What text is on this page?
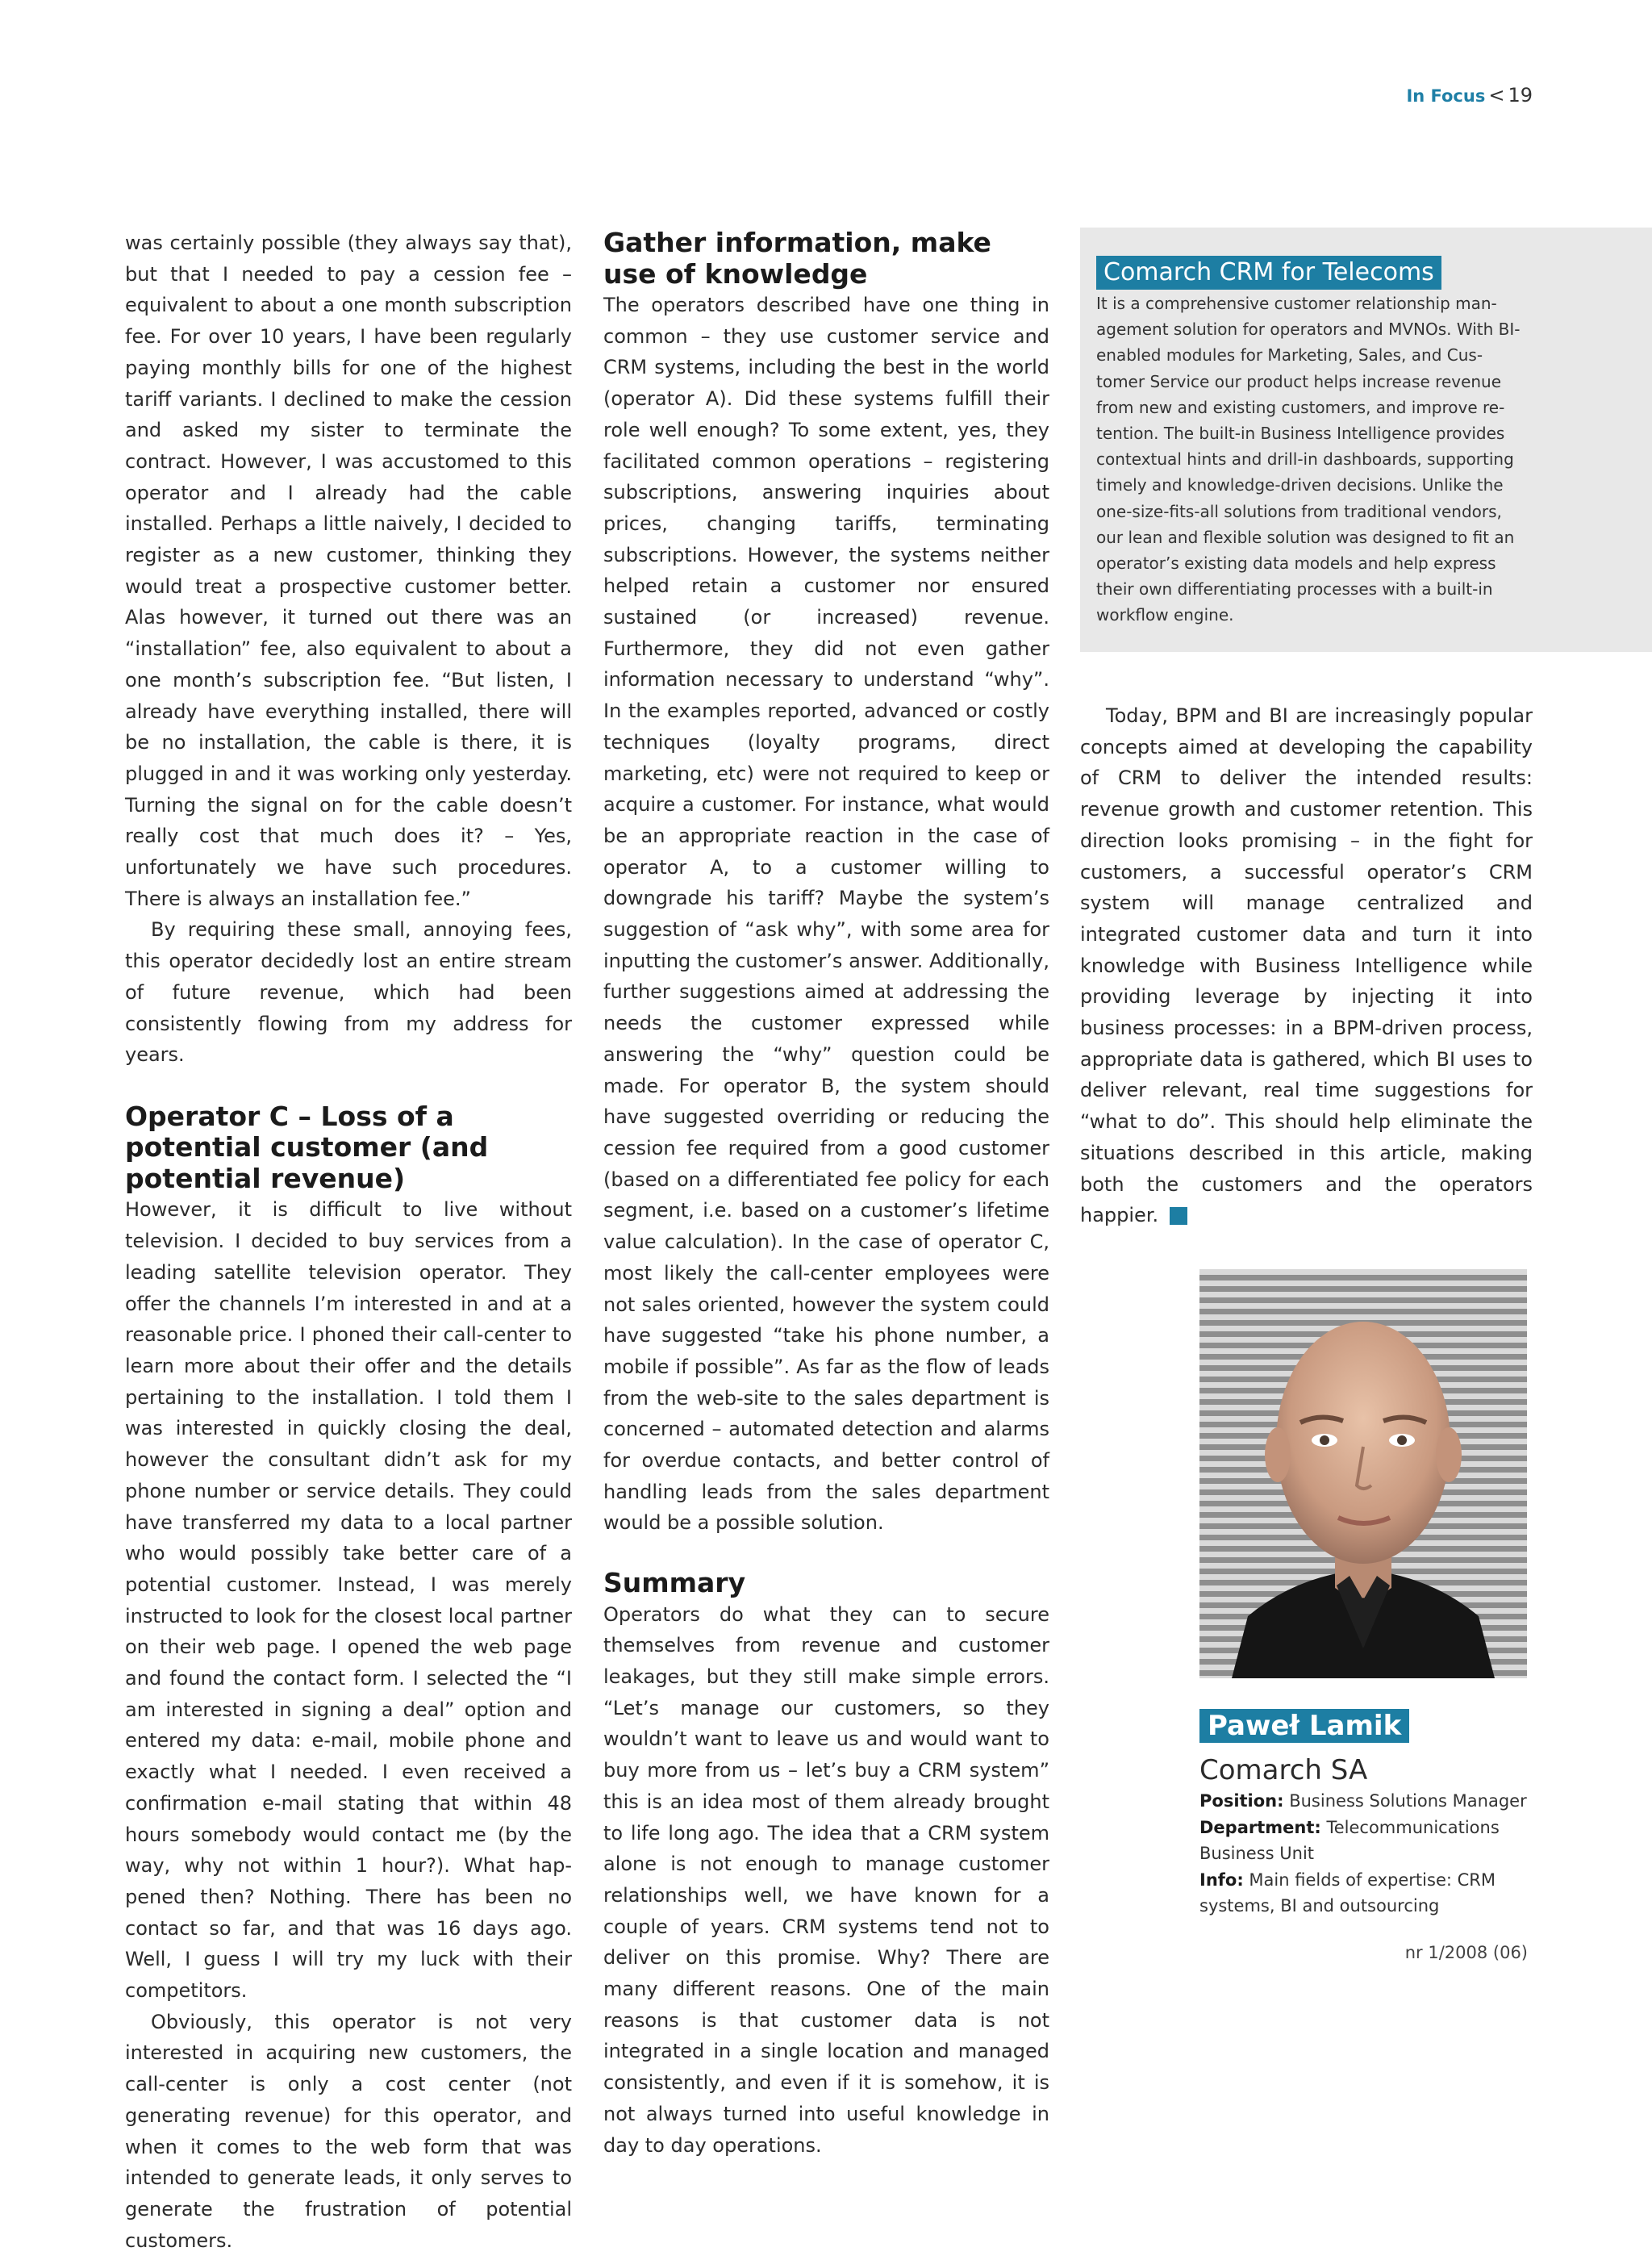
In Focus < 19

was certainly possible (they always say that), but that I needed to pay a cession fee – equivalent to about a one month subscription fee. For over 10 years, I have been regularly paying monthly bills for one of the highest tariff variants. I declined to make the cession and asked my sister to terminate the contract. However, I was accustomed to this operator and I already had the cable installed. Perhaps a little naively, I decided to register as a new customer, thinking they would treat a prospective customer better. Alas however, it turned out there was an “installation” fee, also equivalent to about a one month’s subscription fee. “But listen, I already have everything installed, there will be no installation, the cable is there, it is plugged in and it was working only yesterday. Turning the signal on for the cable doesn’t really cost that much does it? – Yes, unfortunately we have such procedures. There is always an installation fee.”

By requiring these small, annoying fees, this operator decidedly lost an entire stream of future revenue, which had been consistently flowing from my address for years.

Operator C – Loss of a potential customer (and potential revenue)

However, it is difficult to live without television. I decided to buy services from a leading satellite television operator. They offer the channels I’m interested in and at a reasonable price. I phoned their call-center to learn more about their offer and the details pertaining to the installation. I told them I was interested in quickly closing the deal, however the consultant didn’t ask for my phone number or service details. They could have transferred my data to a local partner who would possibly take better care of a potential customer. Instead, I was merely instructed to look for the closest local partner on their web page. I opened the web page and found the contact form. I selected the “I am interested in signing a deal” option and entered my data: e-mail, mobile phone and exactly what I needed. I even received a confirmation e-mail stating that within 48 hours somebody would contact me (by the way, why not within 1 hour?). What happened then? Nothing. There has been no contact so far, and that was 16 days ago. Well, I guess I will try my luck with their competitors.

Obviously, this operator is not very interested in acquiring new customers, the call-center is only a cost center (not generating revenue) for this operator, and when it comes to the web form that was intended to generate leads, it only serves to generate the frustration of potential customers.

Gather information, make use of knowledge

The operators described have one thing in common – they use customer service and CRM systems, including the best in the world (operator A). Did these systems fulfill their role well enough? To some extent, yes, they facilitated common operations – registering subscriptions, answering inquiries about prices, changing tariffs, terminating subscriptions. However, the systems neither helped retain a customer nor ensured sustained (or increased) revenue. Furthermore, they did not even gather information necessary to understand “why”. In the examples reported, advanced or costly techniques (loyalty programs, direct marketing, etc) were not required to keep or acquire a customer. For instance, what would be an appropriate reaction in the case of operator A, to a customer willing to downgrade his tariff? Maybe the system’s suggestion of “ask why”, with some area for inputting the customer’s answer. Additionally, further suggestions aimed at addressing the needs the customer expressed while answering the “why” question could be made. For operator B, the system should have suggested overriding or reducing the cession fee required from a good customer (based on a differentiated fee policy for each segment, i.e. based on a customer’s lifetime value calculation). In the case of operator C, most likely the call-center employees were not sales oriented, however the system could have suggested “take his phone number, a mobile if possible”. As far as the flow of leads from the web-site to the sales department is concerned – automated detection and alarms for overdue contacts, and better control of handling leads from the sales department would be a possible solution.

Summary

Operators do what they can to secure themselves from revenue and customer leakages, but they still make simple errors. “Let’s manage our customers, so they wouldn’t want to leave us and would want to buy more from us – let’s buy a CRM system” this is an idea most of them already brought to life long ago. The idea that a CRM system alone is not enough to manage customer relationships well, we have known for a couple of years. CRM systems tend not to deliver on this promise. Why? There are many different reasons. One of the main reasons is that customer data is not integrated in a single location and managed consistently, and even if it is somehow, it is not always turned into useful knowledge in day to day operations.

Comarch CRM for Telecoms
It is a comprehensive customer relationship management solution for operators and MVNOs. With BI-enabled modules for Marketing, Sales, and Customer Service our product helps increase revenue from new and existing customers, and improve retention. The built-in Business Intelligence provides contextual hints and drill-in dashboards, supporting timely and knowledge-driven decisions. Unlike the one-size-fits-all solutions from traditional vendors, our lean and flexible solution was designed to fit an operator’s existing data models and help express their own differentiating processes with a built-in workflow engine.

Today, BPM and BI are increasingly popular concepts aimed at developing the capability of CRM to deliver the intended results: revenue growth and customer retention. This direction looks promising – in the fight for customers, a successful operator’s CRM system will manage centralized and integrated customer data and turn it into knowledge with Business Intelligence while providing leverage by injecting it into business processes: in a BPM-driven process, appropriate data is gathered, which BI uses to deliver relevant, real time suggestions for “what to do”. This should help eliminate the situations described in this article, making both the customers and the operators happier. <

Paweł Lamik
Comarch SA
Position: Business Solutions Manager
Department: Telecommunications Business Unit
Info: Main fields of expertise: CRM systems, BI and outsourcing
nr 1/2008 (06)
